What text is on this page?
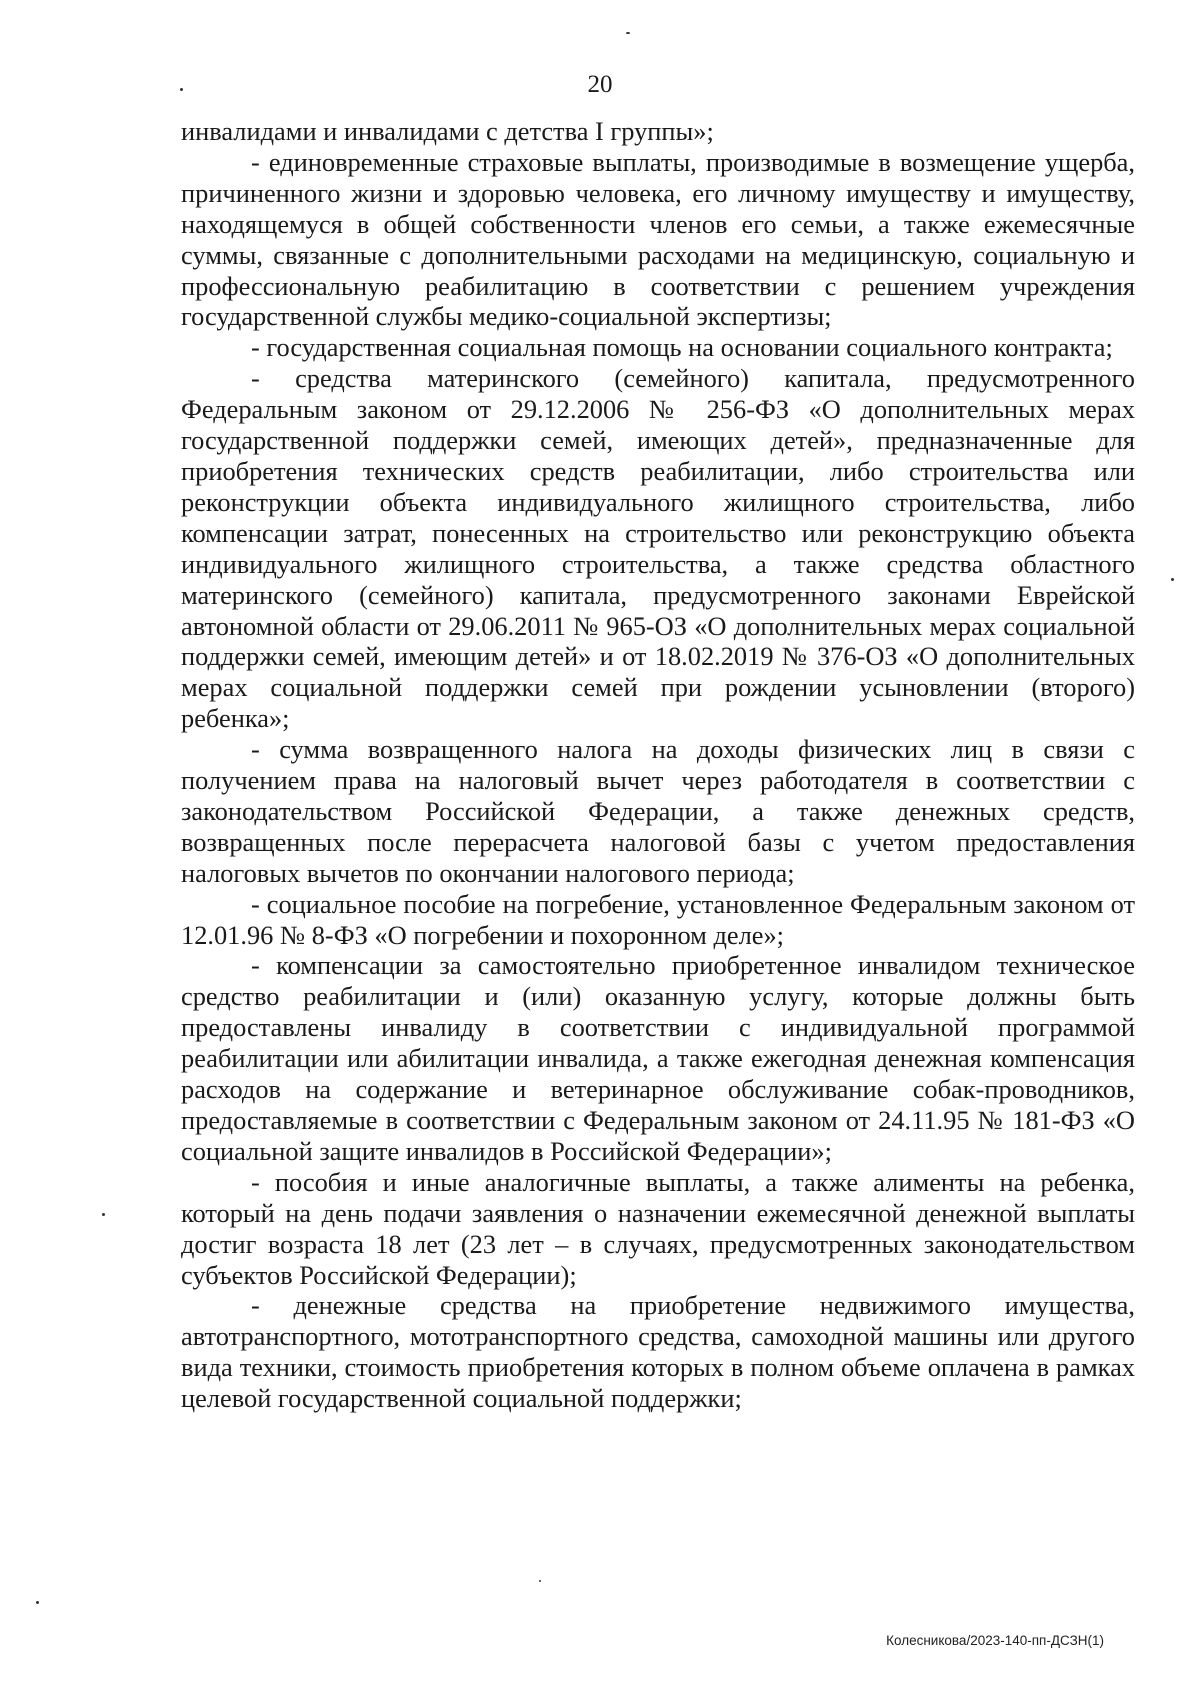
20

инвалидами и инвалидами с детства I группы»;

- единовременные страховые выплаты, производимые в возмещение ущерба, причиненного жизни и здоровью человека, его личному имуществу и имуществу, находящемуся в общей собственности членов его семьи, а также ежемесячные суммы, связанные с дополнительными расходами на медицинскую, социальную и профессиональную реабилитацию в соответствии с решением учреждения государственной службы медико-социальной экспертизы;

- государственная социальная помощь на основании социального контракта;

- средства материнского (семейного) капитала, предусмотренного Федеральным законом от 29.12.2006 № 256-ФЗ «О дополнительных мерах государственной поддержки семей, имеющих детей», предназначенные для приобретения технических средств реабилитации, либо строительства или реконструкции объекта индивидуального жилищного строительства, либо компенсации затрат, понесенных на строительство или реконструкцию объекта индивидуального жилищного строительства, а также средства областного материнского (семейного) капитала, предусмотренного законами Еврейской автономной области от 29.06.2011 № 965-ОЗ «О дополнительных мерах социальной поддержки семей, имеющим детей» и от 18.02.2019 № 376-ОЗ «О дополнительных мерах социальной поддержки семей при рождении усыновлении (второго) ребенка»;

- сумма возвращенного налога на доходы физических лиц в связи с получением права на налоговый вычет через работодателя в соответствии с законодательством Российской Федерации, а также денежных средств, возвращенных после перерасчета налоговой базы с учетом предоставления налоговых вычетов по окончании налогового периода;

- социальное пособие на погребение, установленное Федеральным законом от 12.01.96 № 8-ФЗ «О погребении и похоронном деле»;

- компенсации за самостоятельно приобретенное инвалидом техническое средство реабилитации и (или) оказанную услугу, которые должны быть предоставлены инвалиду в соответствии с индивидуальной программой реабилитации или абилитации инвалида, а также ежегодная денежная компенсация расходов на содержание и ветеринарное обслуживание собак-проводников, предоставляемые в соответствии с Федеральным законом от 24.11.95 № 181-ФЗ «О социальной защите инвалидов в Российской Федерации»;

- пособия и иные аналогичные выплаты, а также алименты на ребенка, который на день подачи заявления о назначении ежемесячной денежной выплаты достиг возраста 18 лет (23 лет – в случаях, предусмотренных законодательством субъектов Российской Федерации);

- денежные средства на приобретение недвижимого имущества, автотранспортного, мототранспортного средства, самоходной машины или другого вида техники, стоимость приобретения которых в полном объеме оплачена в рамках целевой государственной социальной поддержки;

Колесникова/2023-140-пп-ДСЗН(1)
